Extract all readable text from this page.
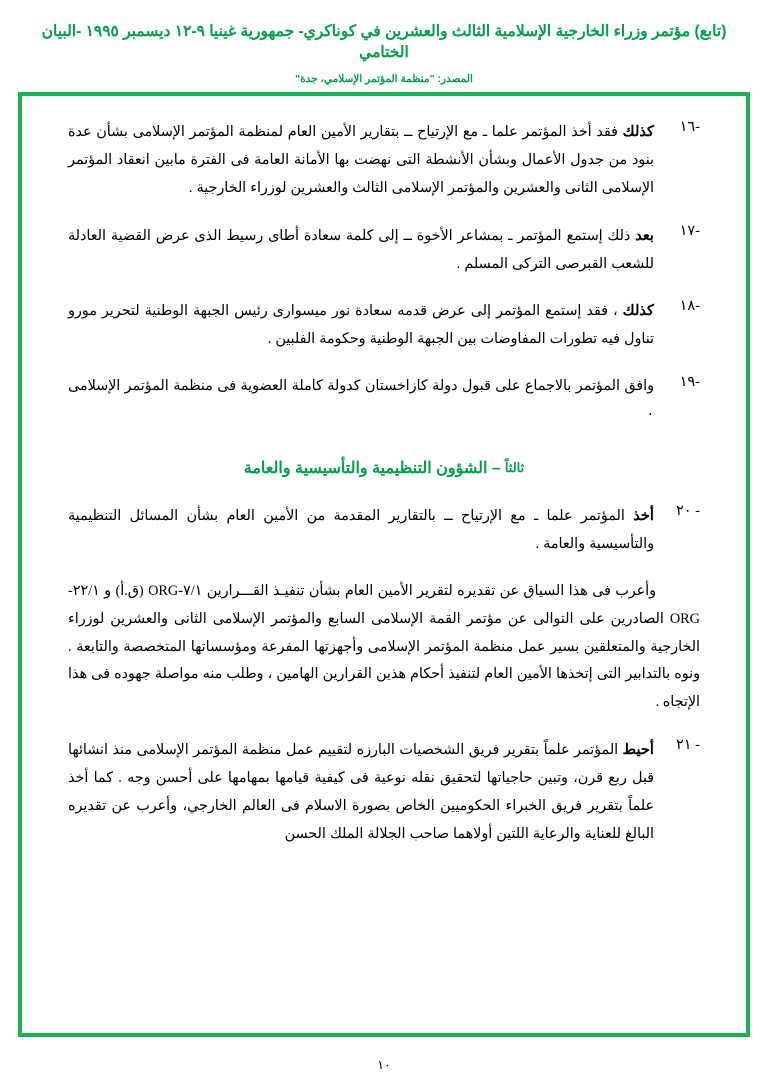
(تابع) مؤتمر وزراء الخارجية الإسلامية الثالث والعشرين في كوناكري- جمهورية غينيا ٩-١٢ ديسمبر ١٩٩٥ -البيان الختامي
المصدر: "منظمة المؤتمر الإسلامي، جدة"
-١٦
كذلك فقد أخذ المؤتمر علما ـ مع الإرتياح ــ بتقارير الأمين العام لمنظمة المؤتمر الإسلامى بشأن عدة بنود من جدول الأعمال وبشأن الأنشطة التى نهضت بها الأمانة العامة فى الفترة مابين انعقاد المؤتمر الإسلامى الثانى والعشرين والمؤتمر الإسلامى الثالث والعشرين لوزراء الخارجية .
-١٧
بعد ذلك إستمع المؤتمر ـ بمشاعر الأخوة ــ إلى كلمة سعادة أطاى رسيط الذى عرض القضية العادلة للشعب القبرصى التركى المسلم .
-١٨
كذلك ، فقد إستمع المؤتمر إلى عرض قدمه سعادة نور ميسوارى رئيس الجبهة الوطنية لتحرير مورو تناول فيه تطورات المفاوضات بين الجبهة الوطنية وحكومة الفلبين .
-١٩
وافق المؤتمر بالاجماع على قبول دولة كازاخستان كدولة كاملة العضوية فى منظمة المؤتمر الإسلامى ٠
ثالثاً– الشؤون التنظيمية والتأسيسية والعامة
- ٢٠
أخذ المؤتمر علما ـ مع الإرتياح ــ بالتقارير المقدمة من الأمين العام بشأن المسائل التنظيمية والتأسيسية والعامة .
وأعرب فى هذا السياق عن تقديره لتقرير الأمين العام بشأن تنفيـذ القـــرارين ٧/١-ORG (ق.أ) و ٢٢/١-ORG الصادرين على التوالى عن مؤتمر القمة الإسلامى السابع والمؤتمر الإسلامى الثانى والعشرين لوزراء الخارجية والمتعلقين بسير عمل منظمة المؤتمر الإسلامى وأجهزتها المفرعة ومؤسساتها المتخصصة والتابعة . ونوه بالتدابير التى إتخذها الأمين العام لتنفيذ أحكام هذين القرارين الهامين ، وطلب منه مواصلة جهوده فى هذا الإتجاه .
- ٢١
أحيط المؤتمر علماً بتقرير فريق الشخصيات البارزه لتقييم عمل منظمة المؤتمر الإسلامى منذ انشائها قبل ربع قرن، وتبين حاجياتها لتحقيق نقله نوعية فى كيفية قيامها بمهامها على أحسن وجه . كما أخذ علماً بتقرير فريق الخبراء الحكوميين الخاص بصورة الاسلام فى العالم الخارجي، وأعرب عن تقديره البالغ للعناية والرعاية اللتين أولاهما صاحب الجلالة الملك الحسن
١٠
